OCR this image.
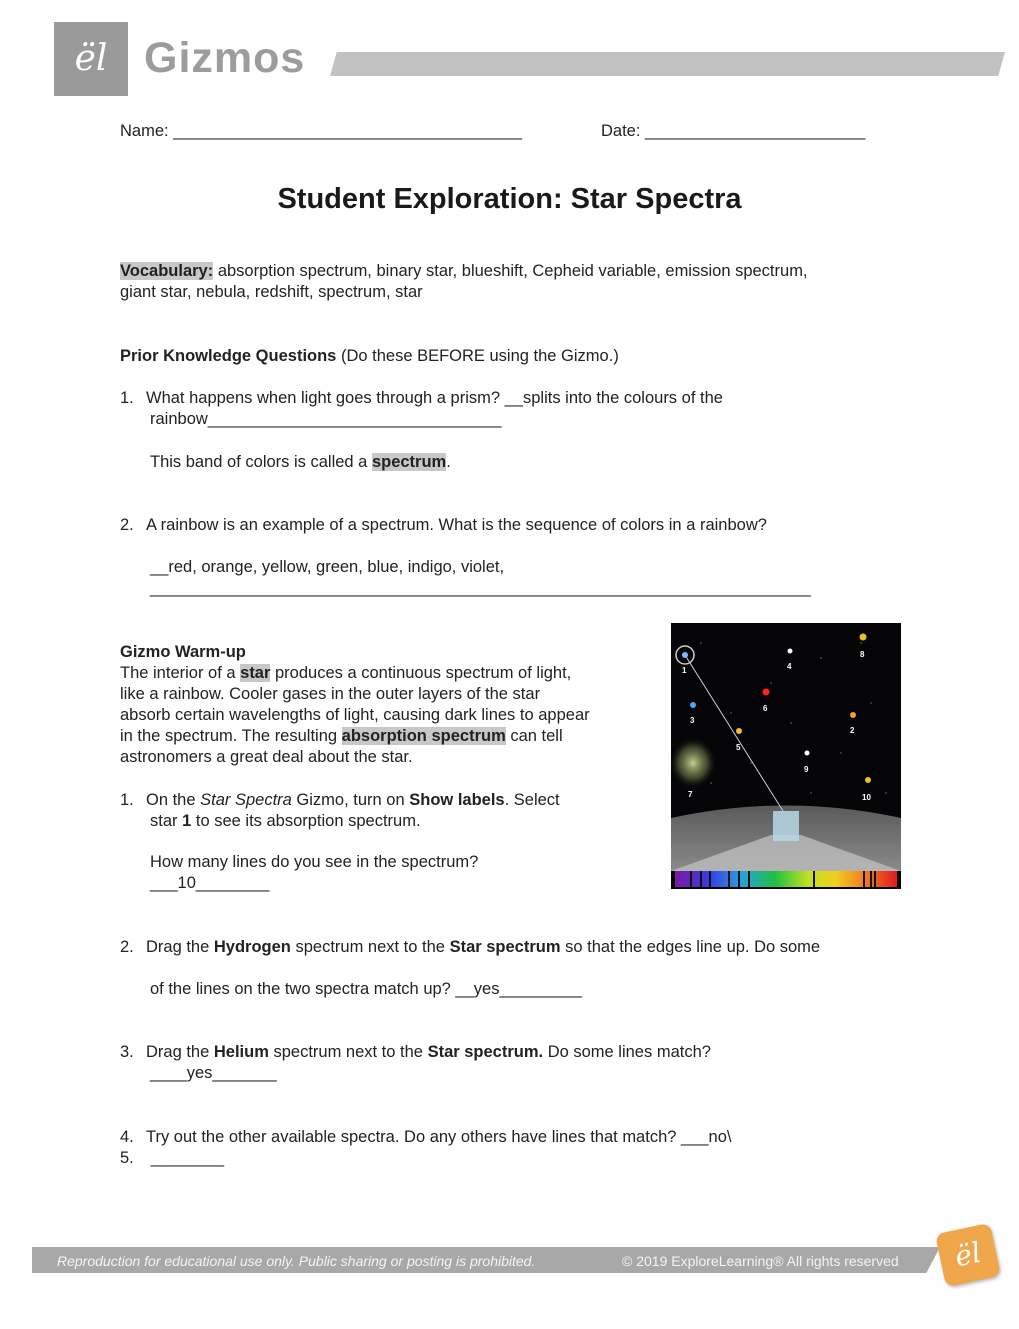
ël Gizmos
Name: ______________________________________	Date: ________________________
Student Exploration: Star Spectra
Vocabulary: absorption spectrum, binary star, blueshift, Cepheid variable, emission spectrum,
giant star, nebula, redshift, spectrum, star
Prior Knowledge Questions (Do these BEFORE using the Gizmo.)
1. What happens when light goes through a prism? __splits into the colours of the
rainbow________________________________
This band of colors is called a spectrum.
2. A rainbow is an example of a spectrum. What is the sequence of colors in a rainbow?
__red, orange, yellow, green, blue, indigo, violet,
________________________________________________________________________
Gizmo Warm-up
The interior of a star produces a continuous spectrum of light,
like a rainbow. Cooler gases in the outer layers of the star
absorb certain wavelengths of light, causing dark lines to appear
in the spectrum. The resulting absorption spectrum can tell
astronomers a great deal about the star.
1. On the Star Spectra Gizmo, turn on Show labels. Select
star 1 to see its absorption spectrum.
How many lines do you see in the spectrum?
___10________
1
2
3
4
5
6
7
8
9
10
2. Drag the Hydrogen spectrum next to the Star spectrum so that the edges line up. Do some
of the lines on the two spectra match up? __yes_________
3. Drag the Helium spectrum next to the Star spectrum. Do some lines match?
____yes_______
4. Try out the other available spectra. Do any others have lines that match? ___no\
5. ________
Reproduction for educational use only. Public sharing or posting is prohibited.	© 2019 ExploreLearning® All rights reserved	ël
